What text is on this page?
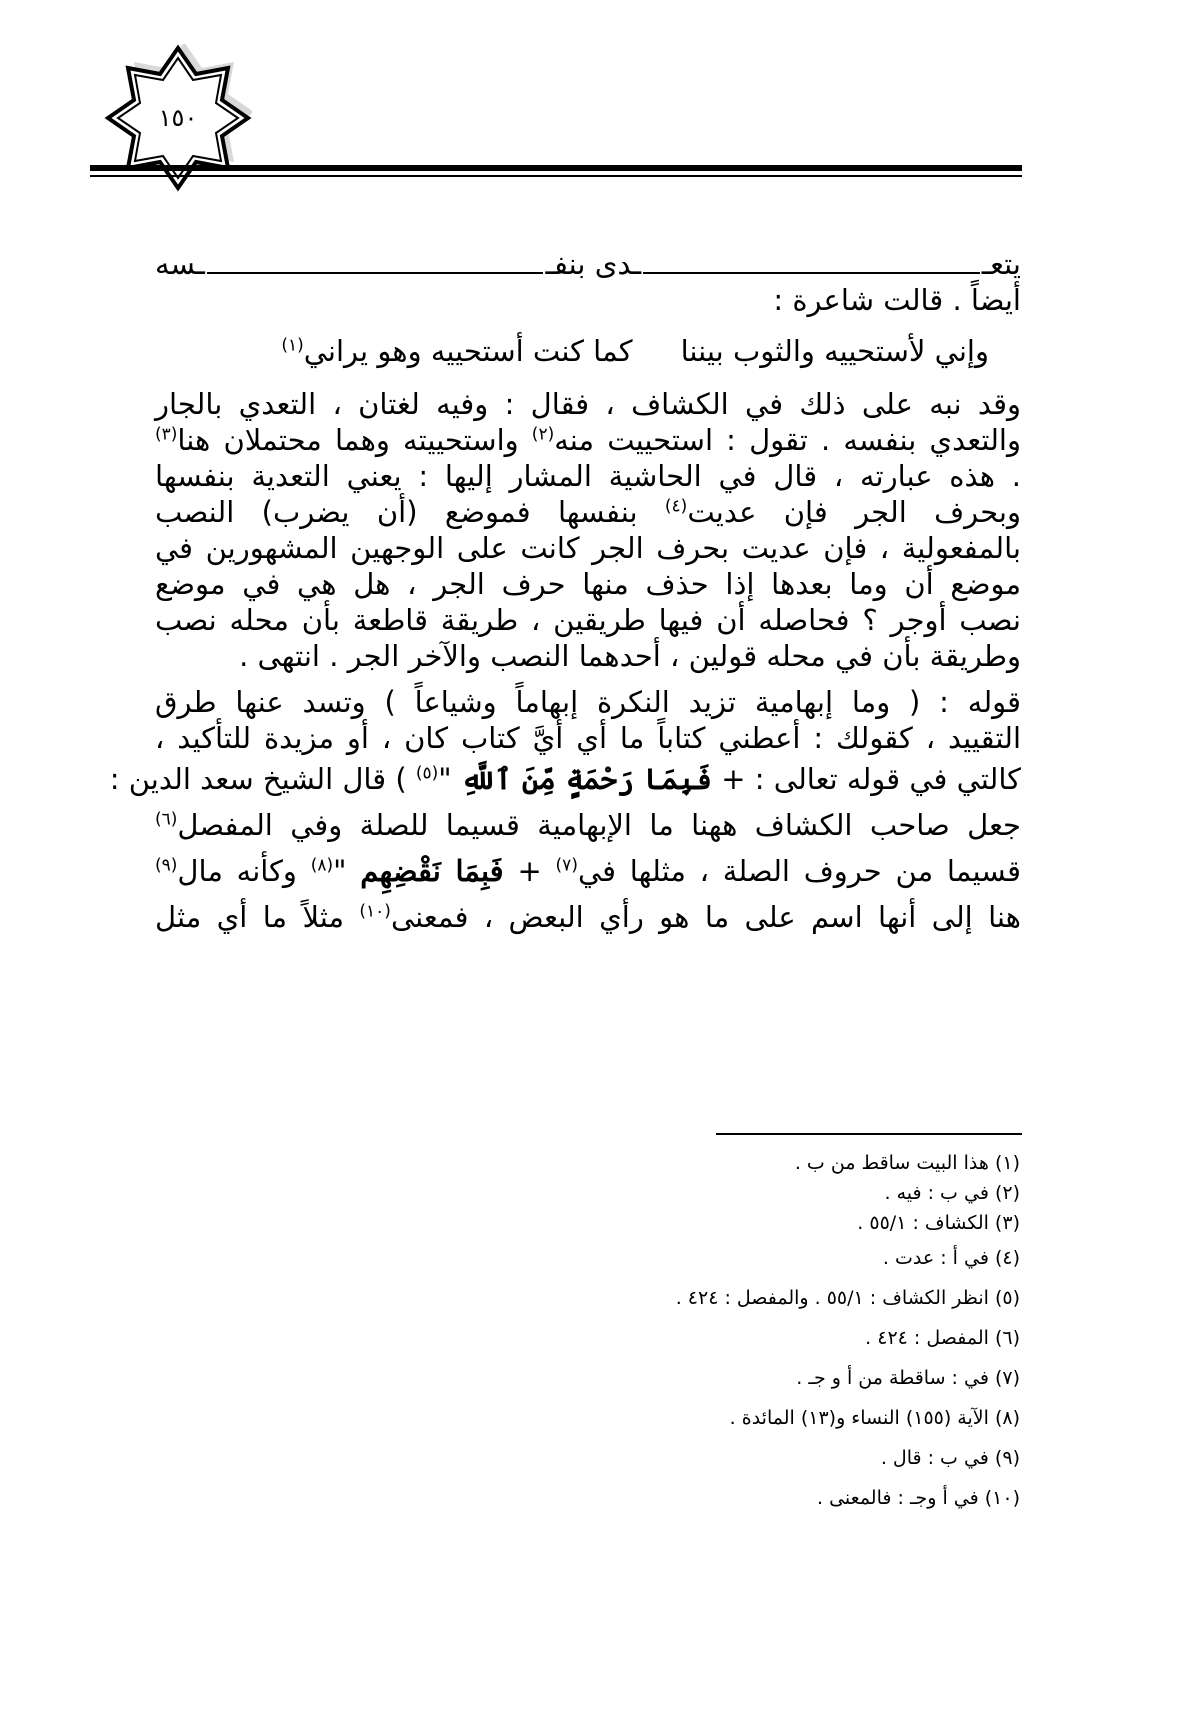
١٥٠
يتعـ
ـدى بنفـ
ـسه
أيضاً . قالت شاعرة :
وإني لأستحييه والثوب بيننا
كما كنت أستحييه وهو يراني$^{(١)}$
وقد نبه على ذلك في الكشاف ، فقال : وفيه لغتان ، التعدي بالجار
والتعدي بنفسه . تقول : استحييت منه$^{(٢)}$ واستحييته وهما محتملان هنا$^{(٣)}$
. هذه عبارته ، قال في الحاشية المشار إليها : يعني التعدية بنفسها
وبحرف الجر فإن عديت$^{(٤)}$ بنفسها فموضع (أن يضرب) النصب
بالمفعولية ، فإن عديت بحرف الجر كانت على الوجهين المشهورين في
موضع أن وما بعدها إذا حذف منها حرف الجر ، هل هي في موضع
نصب أوجر ؟ فحاصله أن فيها طريقين ، طريقة قاطعة بأن محله نصب
وطريقة بأن في محله قولين ، أحدهما النصب والآخر الجر . انتهى .
قوله : ( وما إبهامية تزيد النكرة إبهاماً وشياعاً ) وتسد عنها طرق
التقييد ، كقولك : أعطني كتاباً ما أي أيَّ كتاب كان ، أو مزيدة للتأكيد ،
كالتي في قوله تعالى : + فَبِمَا رَحْمَةٍ مِّنَ ٱللَّهِ "$^{(٥)}$ ) قال الشيخ سعد الدين :
جعل صاحب الكشاف ههنا ما الإبهامية قسيما للصلة وفي المفصل$^{(٦)}$
قسيما من حروف الصلة ، مثلها في$^{(٧)}$ + فَبِمَا نَقْضِهِم "$^{(٨)}$ وكأنه مال$^{(٩)}$
هنا إلى أنها اسم على ما هو رأي البعض ، فمعنى$^{(١٠)}$ مثلاً ما أي مثل
(١) هذا البيت ساقط من ب .
(٢) في ب : فيه .
(٣) الكشاف : ٥٥/١ .
(٤) في أ : عدت .
(٥) انظر الكشاف : ٥٥/١ . والمفصل : ٤٢٤ .
(٦) المفصل : ٤٢٤ .
(٧) في : ساقطة من أ و جـ .
(٨) الآية (١٥٥) النساء و(١٣) المائدة .
(٩) في ب : قال .
(١٠) في أ وجـ : فالمعنى .
